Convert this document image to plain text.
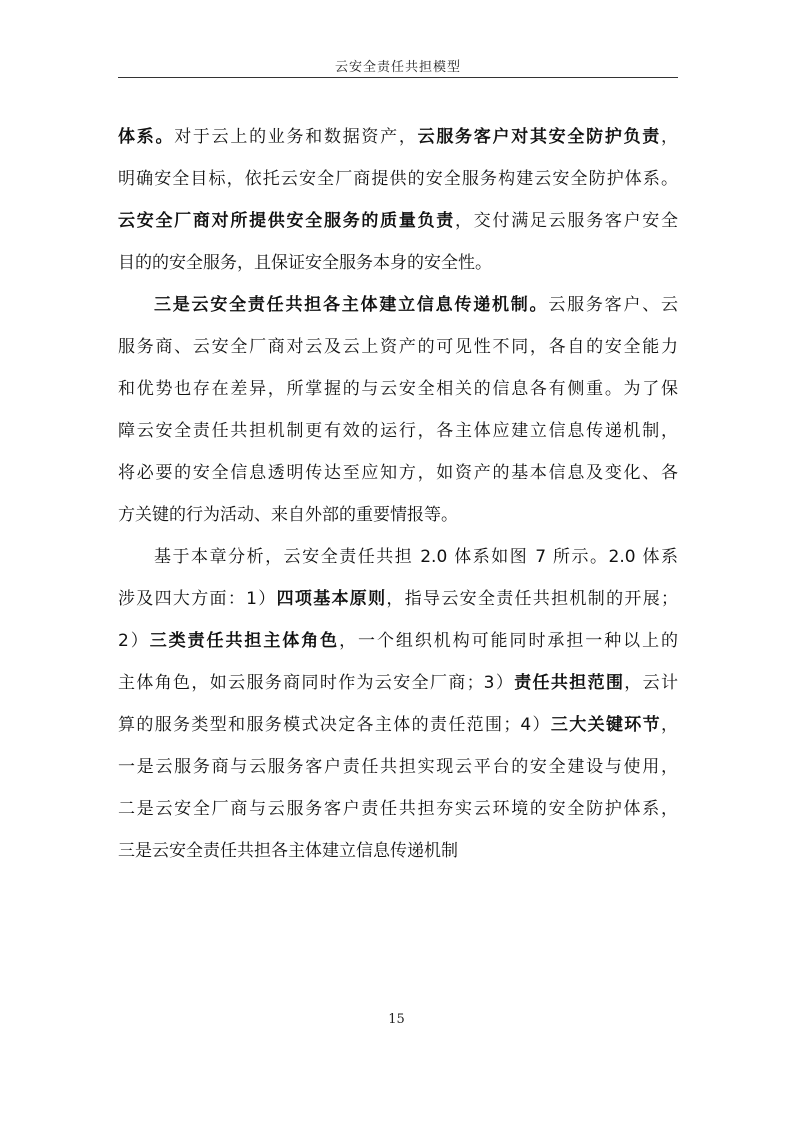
云安全责任共担模型
体系。对于云上的业务和数据资产，云服务客户对其安全防护负责，
明确安全目标，依托云安全厂商提供的安全服务构建云安全防护体系。
云安全厂商对所提供安全服务的质量负责，交付满足云服务客户安全
目的的安全服务，且保证安全服务本身的安全性。
三是云安全责任共担各主体建立信息传递机制。云服务客户、云
服务商、云安全厂商对云及云上资产的可见性不同，各自的安全能力
和优势也存在差异，所掌握的与云安全相关的信息各有侧重。为了保
障云安全责任共担机制更有效的运行，各主体应建立信息传递机制，
将必要的安全信息透明传达至应知方，如资产的基本信息及变化、各
方关键的行为活动、来自外部的重要情报等。
基于本章分析，云安全责任共担 2.0 体系如图 7 所示。2.0 体系
涉及四大方面：1）四项基本原则，指导云安全责任共担机制的开展；
2）三类责任共担主体角色，一个组织机构可能同时承担一种以上的
主体角色，如云服务商同时作为云安全厂商；3）责任共担范围，云计
算的服务类型和服务模式决定各主体的责任范围；4）三大关键环节，
一是云服务商与云服务客户责任共担实现云平台的安全建设与使用，
二是云安全厂商与云服务客户责任共担夯实云环境的安全防护体系，
三是云安全责任共担各主体建立信息传递机制
15
